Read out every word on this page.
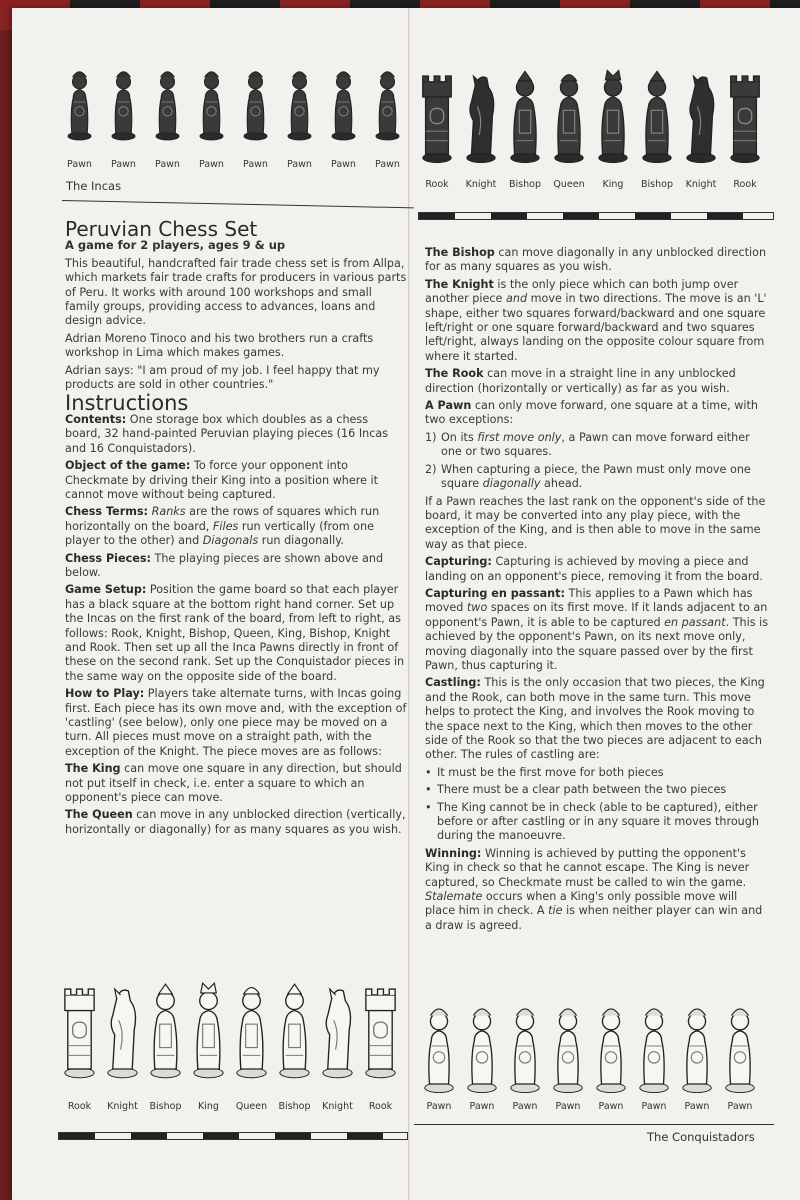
Pawn Pawn Pawn Pawn Pawn Pawn Pawn Pawn
The Incas	Rook Knight Bishop Queen King Bishop Knight Rook
Peruvian Chess Set
A game for 2 players, ages 9 & up

This beautiful, handcrafted fair trade chess set is from Allpa, which markets fair trade crafts for producers in various parts of Peru. It works with around 100 workshops and small family groups, providing access to advances, loans and design advice.

Adrian Moreno Tinoco and his two brothers run a crafts workshop in Lima which makes games.

Adrian says: "I am proud of my job. I feel happy that my products are sold in other countries."

Instructions

Contents: One storage box which doubles as a chess board, 32 hand-painted Peruvian playing pieces (16 Incas and 16 Conquistadors).

Object of the game: To force your opponent into Checkmate by driving their King into a position where it cannot move without being captured.

Chess Terms: Ranks are the rows of squares which run horizontally on the board, Files run vertically (from one player to the other) and Diagonals run diagonally.

Chess Pieces: The playing pieces are shown above and below.

Game Setup: Position the game board so that each player has a black square at the bottom right hand corner. Set up the Incas on the first rank of the board, from left to right, as follows: Rook, Knight, Bishop, Queen, King, Bishop, Knight and Rook. Then set up all the Inca Pawns directly in front of these on the second rank. Set up the Conquistador pieces in the same way on the opposite side of the board.

How to Play: Players take alternate turns, with Incas going first. Each piece has its own move and, with the exception of 'castling' (see below), only one piece may be moved on a turn. All pieces must move on a straight path, with the exception of the Knight. The piece moves are as follows:

The King can move one square in any direction, but should not put itself in check, i.e. enter a square to which an opponent's piece can move.

The Queen can move in any unblocked direction (vertically, horizontally or diagonally) for as many squares as you wish.

The Bishop can move diagonally in any unblocked direction for as many squares as you wish.

The Knight is the only piece which can both jump over another piece and move in two directions. The move is an 'L' shape, either two squares forward/backward and one square left/right or one square forward/backward and two squares left/right, always landing on the opposite colour square from where it started.

The Rook can move in a straight line in any unblocked direction (horizontally or vertically) as far as you wish.

A Pawn can only move forward, one square at a time, with two exceptions:

1) On its first move only, a Pawn can move forward either one or two squares.
2) When capturing a piece, the Pawn must only move one square diagonally ahead.

If a Pawn reaches the last rank on the opponent's side of the board, it may be converted into any play piece, with the exception of the King, and is then able to move in the same way as that piece.

Capturing: Capturing is achieved by moving a piece and landing on an opponent's piece, removing it from the board.

Capturing en passant: This applies to a Pawn which has moved two spaces on its first move. If it lands adjacent to an opponent's Pawn, it is able to be captured en passant. This is achieved by the opponent's Pawn, on its next move only, moving diagonally into the square passed over by the first Pawn, thus capturing it.

Castling: This is the only occasion that two pieces, the King and the Rook, can both move in the same turn. This move helps to protect the King, and involves the Rook moving to the space next to the King, which then moves to the other side of the Rook so that the two pieces are adjacent to each other. The rules of castling are:

• It must be the first move for both pieces
• There must be a clear path between the two pieces
• The King cannot be in check (able to be captured), either before or after castling or in any square it moves through during the manoeuvre.

Winning: Winning is achieved by putting the opponent's King in check so that he cannot escape. The King is never captured, so Checkmate must be called to win the game. Stalemate occurs when a King's only possible move will place him in check. A tie is when neither player can win and a draw is agreed.

Rook Knight Bishop King Queen Bishop Knight Rook	Pawn Pawn Pawn Pawn Pawn Pawn Pawn Pawn
The Conquistadors
